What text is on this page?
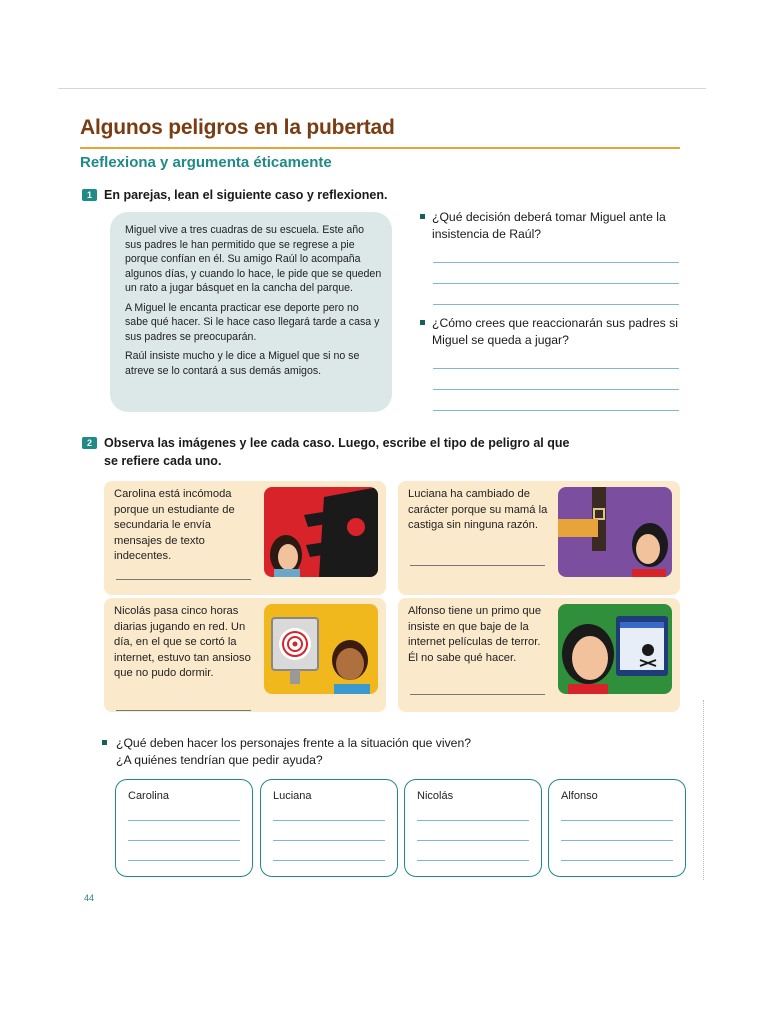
Algunos peligros en la pubertad
Reflexiona y argumenta éticamente
1 En parejas, lean el siguiente caso y reflexionen.

Miguel vive a tres cuadras de su escuela. Este año sus padres le han permitido que se regrese a pie porque confían en él. Su amigo Raúl lo acompaña algunos días, y cuando lo hace, le pide que se queden un rato a jugar básquet en la cancha del parque.

A Miguel le encanta practicar ese deporte pero no sabe qué hacer. Si le hace caso llegará tarde a casa y sus padres se preocuparán.

Raúl insiste mucho y le dice a Miguel que si no se atreve se lo contará a sus demás amigos.

¿Qué decisión deberá tomar Miguel ante la insistencia de Raúl?
¿Cómo crees que reaccionarán sus padres si Miguel se queda a jugar?
2 Observa las imágenes y lee cada caso. Luego, escribe el tipo de peligro al que
se refiere cada uno.
Carolina está incómoda porque un estudiante de secundaria le envía mensajes de texto indecentes.
Luciana ha cambiado de carácter porque su mamá la castiga sin ninguna razón.
Nicolás pasa cinco horas diarias jugando en red. Un día, en el que se cortó la internet, estuvo tan ansioso que no pudo dormir.
Alfonso tiene un primo que insiste en que baje de la internet películas de terror. Él no sabe qué hacer.
¿Qué deben hacer los personajes frente a la situación que viven?
¿A quiénes tendrían que pedir ayuda?
Carolina	Luciana	Nicolás	Alfonso
44
